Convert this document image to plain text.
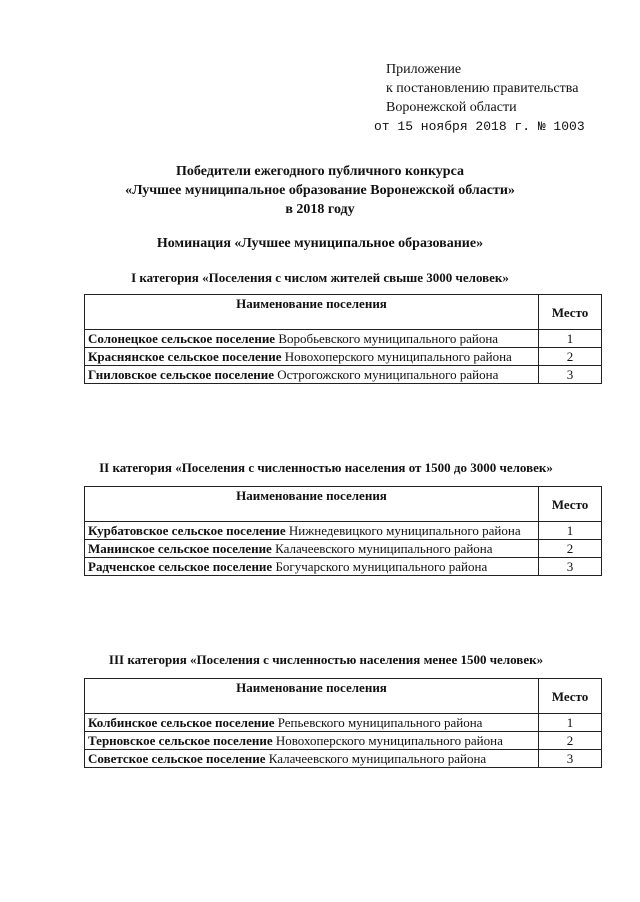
Приложение
к постановлению правительства
Воронежской области
от 15 ноября 2018 г. № 1003
Победители ежегодного публичного конкурса
«Лучшее муниципальное образование Воронежской области»
в 2018 году
Номинация «Лучшее муниципальное образование»
I категория «Поселения с числом жителей свыше 3000 человек»
Наименование поселения	Место
Солонецкое сельское поселение Воробьевского муниципального района	1
Краснянское сельское поселение Новохоперского муниципального района	2
Гниловское сельское поселение Острогожского муниципального района	3
II категория «Поселения с численностью населения от 1500 до 3000 человек»
Наименование поселения	Место
Курбатовское сельское поселение Нижнедевицкого муниципального района	1
Манинское сельское поселение Калачеевского муниципального района	2
Радченское сельское поселение Богучарского муниципального района	3
III категория «Поселения с численностью населения менее 1500 человек»
Наименование поселения	Место
Колбинское сельское поселение Репьевского муниципального района	1
Терновское сельское поселение Новохоперского муниципального района	2
Советское сельское поселение Калачеевского муниципального района	3
